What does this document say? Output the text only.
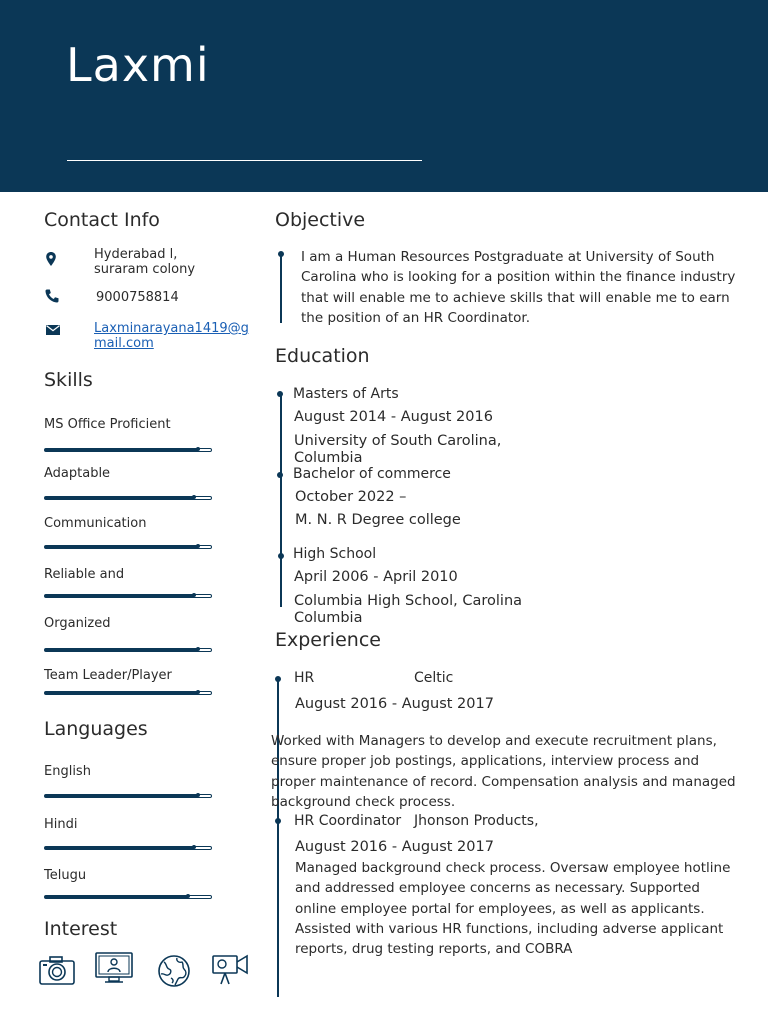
Laxmi
Contact Info
Hyderabad l, suraram colony
9000758814
Laxminarayana1419@gmail.com
Skills
MS Office Proficient
Adaptable
Communication
Reliable and
Organized
Team Leader/Player
Languages
English
Hindi
Telugu
Interest
Objective
I am a Human Resources Postgraduate at University of South Carolina who is looking for a position within the finance industry that will enable me to achieve skills that will enable me to earn the position of an HR Coordinator.
Education
Masters of Arts
August 2014 - August 2016
University of South Carolina, Columbia
Bachelor of commerce
October 2022 –
M. N. R Degree college
High School
April 2006 - April 2010
Columbia High School, Carolina Columbia
Experience
HR	Celtic
August 2016 - August 2017
Worked with Managers to develop and execute recruitment plans, ensure proper job postings, applications, interview process and proper maintenance of record. Compensation analysis and managed background check process.
HR Coordinator Jhonson Products,
August 2016 - August 2017
Managed background check process. Oversaw employee hotline and addressed employee concerns as necessary. Supported online employee portal for employees, as well as applicants.
Assisted with various HR functions, including adverse applicant reports, drug testing reports, and COBRA
